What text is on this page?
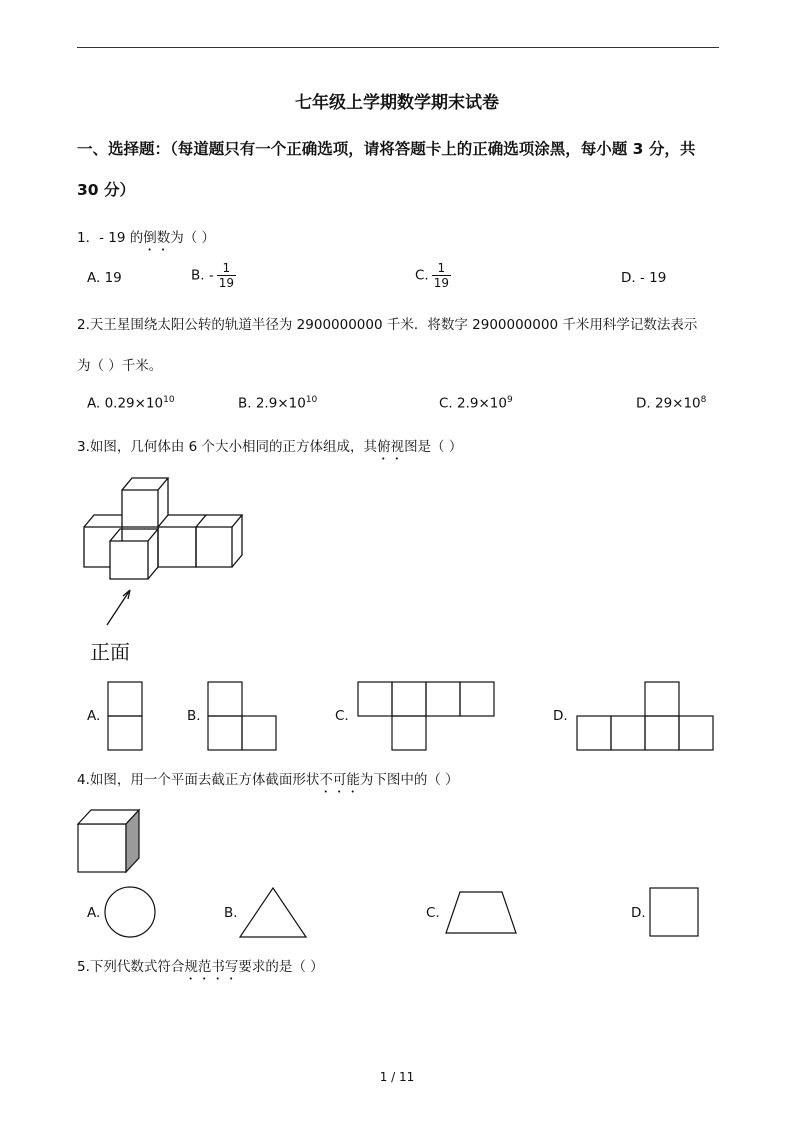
七年级上学期数学期末试卷
一、选择题：（每道题只有一个正确选项，请将答题卡上的正确选项涂黑，每小题 3 分，共
30 分）
1．- 19 的倒数为（ ）
A. 19	B. - $\frac{1}{19}$	C. $\frac{1}{19}$	D. - 19
2.天王星围绕太阳公转的轨道半径为 2900000000 千米．将数字 2900000000 千米用科学记数法表示
为（ ）千米。
A. $0.29\times 10^{10}$	B. $2.9\times 10^{10}$	C. $2.9\times 10^9$	D. $29\times 10^8$
3.如图，几何体由 6 个大小相同的正方体组成，其俯视图是（ ）
正面
A.	B.	C.	D.
4.如图，用一个平面去截正方体截面形状不可能为下图中的（ ）
A.	B.	C.	D.
5.下列代数式符合规范书写要求的是（ ）
1 / 11
